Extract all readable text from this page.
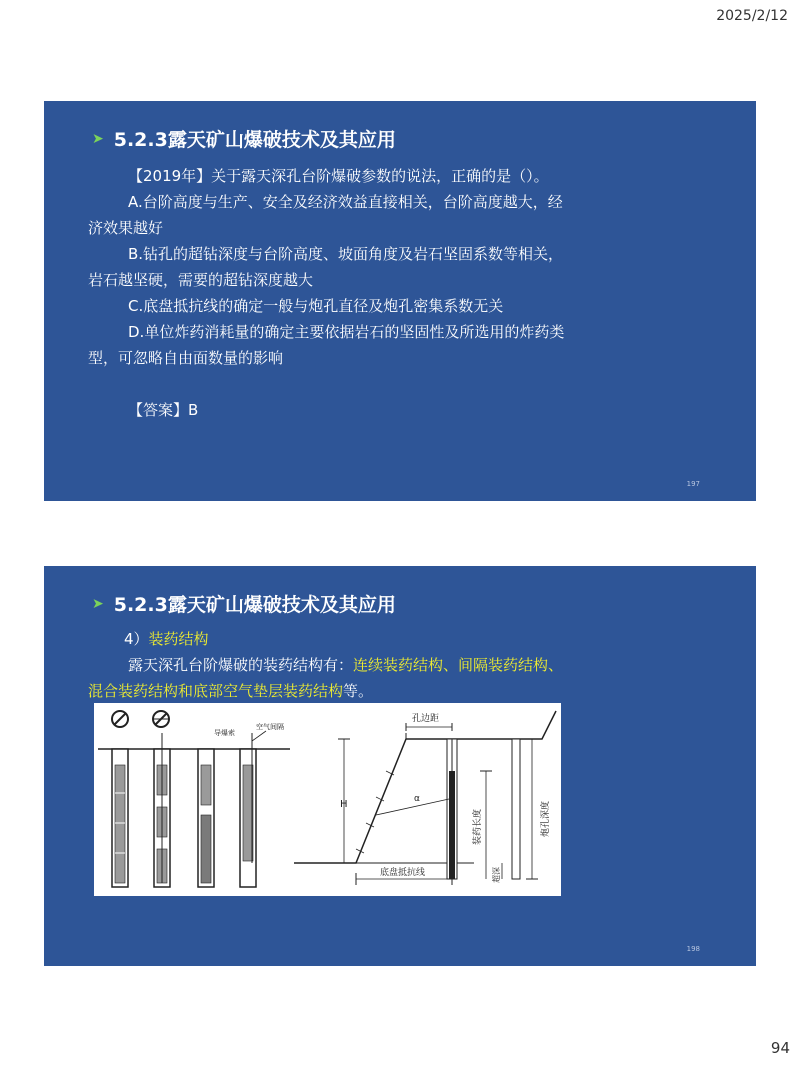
2025/2/12
➤ 5.2.3露天矿山爆破技术及其应用
【2019年】关于露天深孔台阶爆破参数的说法，正确的是（）。
A.台阶高度与生产、安全及经济效益直接相关，台阶高度越大，经济效果越好
B.钻孔的超钻深度与台阶高度、坡面角度及岩石坚固系数等相关，岩石越坚硬，需要的超钻深度越大
C.底盘抵抗线的确定一般与炮孔直径及炮孔密集系数无关
D.单位炸药消耗量的确定主要依据岩石的坚固性及所选用的炸药类型，可忽略自由面数量的影响
【答案】B
197
➤ 5.2.3露天矿山爆破技术及其应用
4）装药结构
露天深孔台阶爆破的装药结构有：连续装药结构、间隔装药结构、混合装药结构和底部空气垫层装药结构等。
导爆索
空气间隔
孔边距
H	α
装药长度
超深
炮孔深度
底盘抵抗线
198
94
